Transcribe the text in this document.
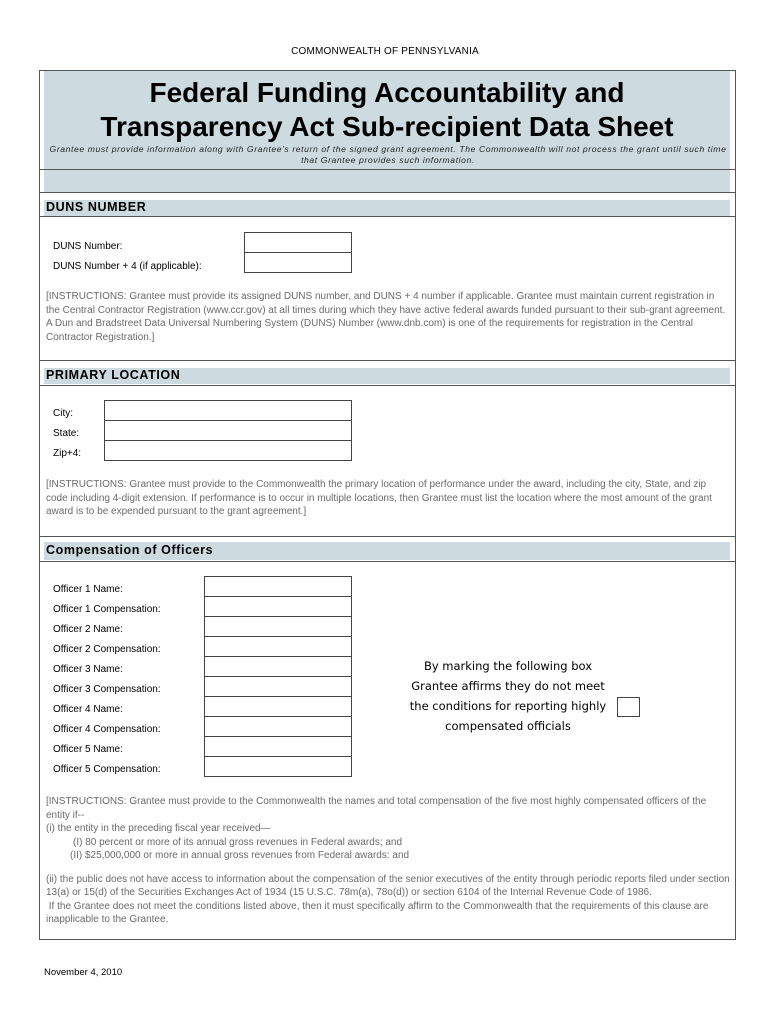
COMMONWEALTH OF PENNSYLVANIA
Federal Funding Accountability and
Transparency Act Sub-recipient Data Sheet
Grantee must provide information along with Grantee's return of the signed grant agreement. The Commonwealth will not process the grant until such time that Grantee provides such information.
DUNS NUMBER
DUNS Number:
DUNS Number + 4 (if applicable):
[INSTRUCTIONS: Grantee must provide its assigned DUNS number, and DUNS + 4 number if applicable. Grantee must maintain current registration in the Central Contractor Registration (www.ccr.gov) at all times during which they have active federal awards funded pursuant to their sub-grant agreement. A Dun and Bradstreet Data Universal Numbering System (DUNS) Number (www.dnb.com) is one of the requirements for registration in the Central Contractor Registration.]
PRIMARY LOCATION
City:
State:
Zip+4:
[INSTRUCTIONS: Grantee must provide to the Commonwealth the primary location of performance under the award, including the city, State, and zip code including 4-digit extension. If performance is to occur in multiple locations, then Grantee must list the location where the most amount of the grant award is to be expended pursuant to the grant agreement.]
Compensation of Officers
Officer 1 Name:
Officer 1 Compensation:
Officer 2 Name:
Officer 2 Compensation:
Officer 3 Name:
Officer 3 Compensation:
Officer 4 Name:
Officer 4 Compensation:
Officer 5 Name:
Officer 5 Compensation:
By marking the following box
Grantee affirms they do not meet
the conditions for reporting highly
compensated officials
[INSTRUCTIONS: Grantee must provide to the Commonwealth the names and total compensation of the five most highly compensated officers of the entity if--
(i) the entity in the preceding fiscal year received—
(I) 80 percent or more of its annual gross revenues in Federal awards; and
(II) $25,000,000 or more in annual gross revenues from Federal awards: and
(ii) the public does not have access to information about the compensation of the senior executives of the entity through periodic reports filed under section 13(a) or 15(d) of the Securities Exchanges Act of 1934 (15 U.S.C. 78m(a), 78o(d)) or section 6104 of the Internal Revenue Code of 1986.
If the Grantee does not meet the conditions listed above, then it must specifically affirm to the Commonwealth that the requirements of this clause are inapplicable to the Grantee.
November 4, 2010
